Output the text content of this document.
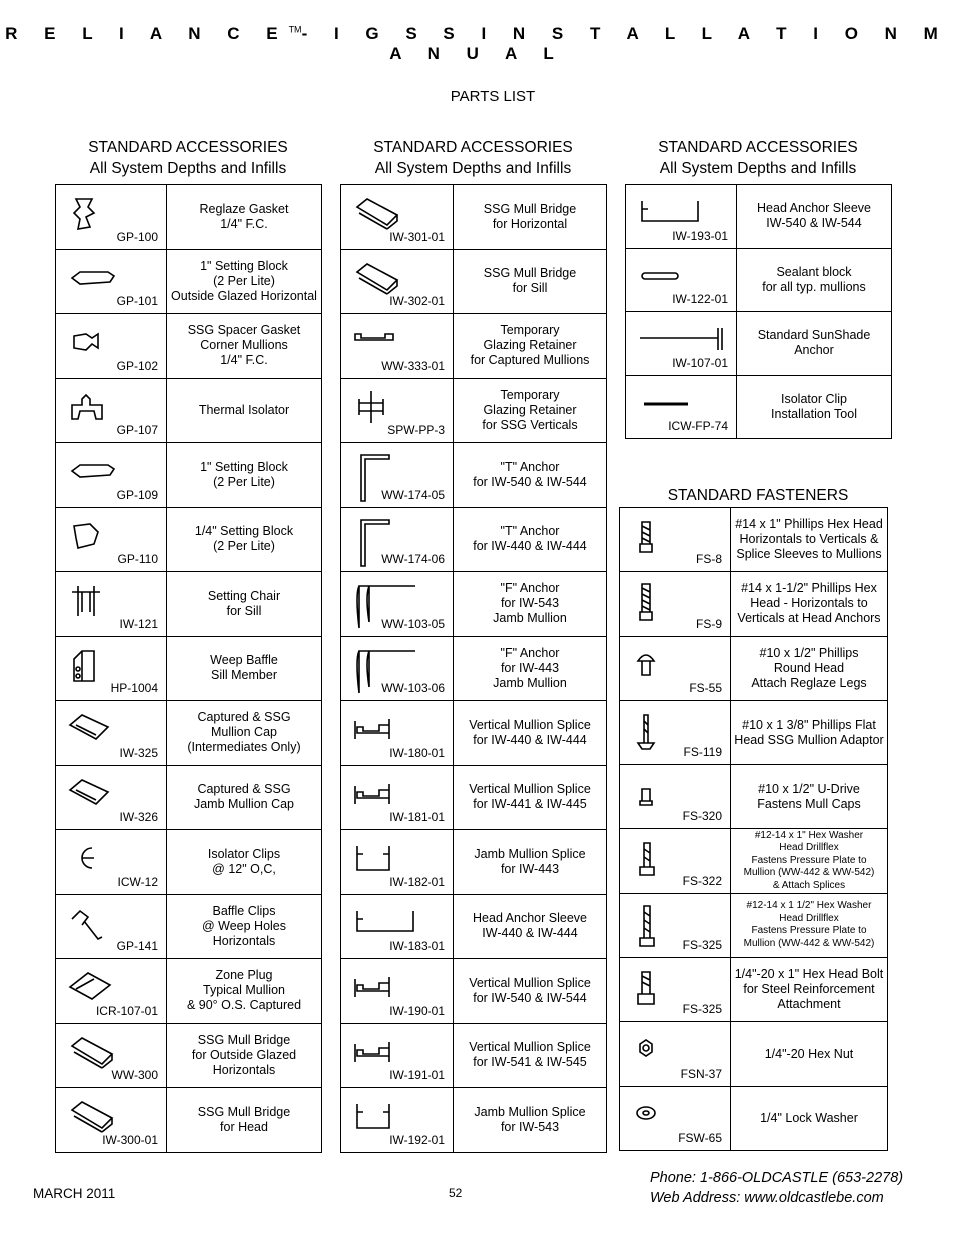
R E L I A N C E™- I G S S I N S T A L L A T I O N M A N U A L
PARTS LIST
STANDARD ACCESSORIES
All System Depths and Infills
STANDARD ACCESSORIES
All System Depths and Infills
STANDARD ACCESSORIES
All System Depths and Infills
STANDARD FASTENERS
GP-100	Reglaze Gasket
1/4" F.C.

GP-101	1" Setting Block
(2 Per Lite)
Outside Glazed Horizontal

GP-102	SSG Spacer Gasket
Corner Mullions
1/4" F.C.

GP-107	Thermal Isolator

GP-109	1" Setting Block
(2 Per Lite)

GP-110	1/4" Setting Block
(2 Per Lite)

IW-121	Setting Chair
for Sill

HP-1004	Weep Baffle
Sill Member

IW-325	Captured & SSG
Mullion Cap
(Intermediates Only)

IW-326	Captured & SSG
Jamb Mullion Cap

ICW-12	Isolator Clips
@ 12" O,C,

GP-141	Baffle Clips
@ Weep Holes
Horizontals

ICR-107-01	Zone Plug
Typical Mullion
& 90° O.S. Captured

WW-300	SSG Mull Bridge
for Outside Glazed
Horizontals

IW-300-01	SSG Mull Bridge
for Head
IW-301-01	SSG Mull Bridge
for Horizontal

IW-302-01	SSG Mull Bridge
for Sill

WW-333-01	Temporary
Glazing Retainer
for Captured Mullions

SPW-PP-3	Temporary
Glazing Retainer
for SSG Verticals

WW-174-05	"T" Anchor
for IW-540 & IW-544

WW-174-06	"T" Anchor
for IW-440 & IW-444

WW-103-05	"F" Anchor
for IW-543
Jamb Mullion

WW-103-06	"F" Anchor
for IW-443
Jamb Mullion

IW-180-01	Vertical Mullion Splice
for IW-440 & IW-444

IW-181-01	Vertical Mullion Splice
for IW-441 & IW-445

IW-182-01	Jamb Mullion Splice
for IW-443

IW-183-01	Head Anchor Sleeve
IW-440 & IW-444

IW-190-01	Vertical Mullion Splice
for IW-540 & IW-544

IW-191-01	Vertical Mullion Splice
for IW-541 & IW-545

IW-192-01	Jamb Mullion Splice
for IW-543
IW-193-01	Head Anchor Sleeve
IW-540 & IW-544

IW-122-01	Sealant block
for all typ. mullions

IW-107-01	Standard SunShade
Anchor

ICW-FP-74	Isolator Clip
Installation Tool
FS-8	#14 x 1" Phillips Hex Head
Horizontals to Verticals &
Splice Sleeves to Mullions

FS-9	#14 x 1-1/2" Phillips Hex
Head - Horizontals to
Verticals at Head Anchors

FS-55	#10 x 1/2" Phillips
Round Head
Attach Reglaze Legs

FS-119	#10 x 1 3/8" Phillips Flat
Head SSG Mullion Adaptor

FS-320	#10 x 1/2" U-Drive
Fastens Mull Caps

FS-322	#12-14 x 1" Hex Washer
Head Drillflex
Fastens Pressure Plate to
Mullion (WW-442 & WW-542)
& Attach Splices

FS-325	#12-14 x 1 1/2" Hex Washer
Head Drillflex
Fastens Pressure Plate to
Mullion (WW-442 & WW-542)

FS-325	1/4"-20 x 1" Hex Head Bolt
for Steel Reinforcement
Attachment

FSN-37	1/4"-20 Hex Nut

FSW-65	1/4" Lock Washer
MARCH 2011	52
Phone: 1-866-OLDCASTLE (653-2278)
Web Address: www.oldcastlebe.com
